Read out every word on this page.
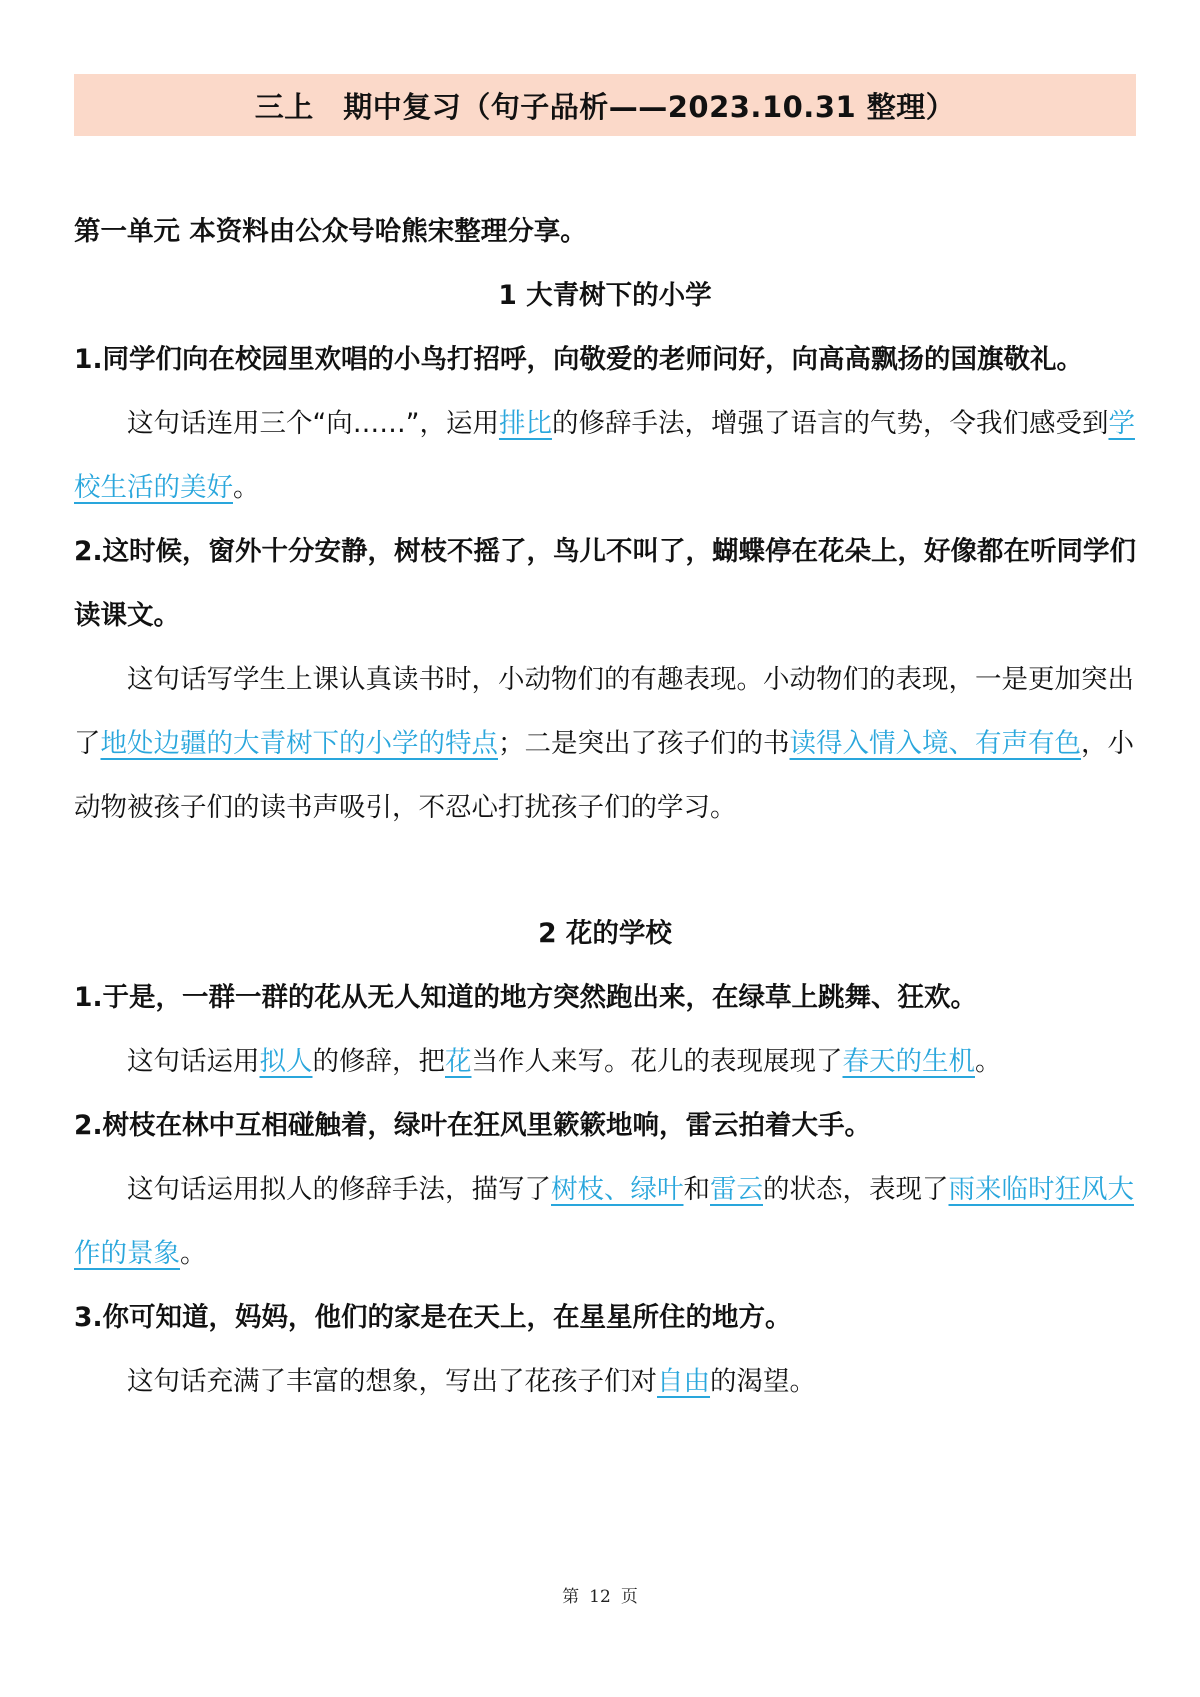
三上　期中复习（句子品析——2023.10.31 整理）

第一单元 本资料由公众号哈熊宋整理分享。

1 大青树下的小学

1.同学们向在校园里欢唱的小鸟打招呼，向敬爱的老师问好，向高高飘扬的国旗敬礼。

这句话连用三个“向……”，运用排比的修辞手法，增强了语言的气势，令我们感受到学校生活的美好。

2.这时候，窗外十分安静，树枝不摇了，鸟儿不叫了，蝴蝶停在花朵上，好像都在听同学们读课文。

这句话写学生上课认真读书时，小动物们的有趣表现。小动物们的表现，一是更加突出了地处边疆的大青树下的小学的特点；二是突出了孩子们的书读得入情入境、有声有色，小动物被孩子们的读书声吸引，不忍心打扰孩子们的学习。

2 花的学校

1.于是，一群一群的花从无人知道的地方突然跑出来，在绿草上跳舞、狂欢。

这句话运用拟人的修辞，把花当作人来写。花儿的表现展现了春天的生机。

2.树枝在林中互相碰触着，绿叶在狂风里簌簌地响，雷云拍着大手。

这句话运用拟人的修辞手法，描写了树枝、绿叶和雷云的状态，表现了雨来临时狂风大作的景象。

3.你可知道，妈妈，他们的家是在天上，在星星所住的地方。

这句话充满了丰富的想象，写出了花孩子们对自由的渴望。

第 12 页
